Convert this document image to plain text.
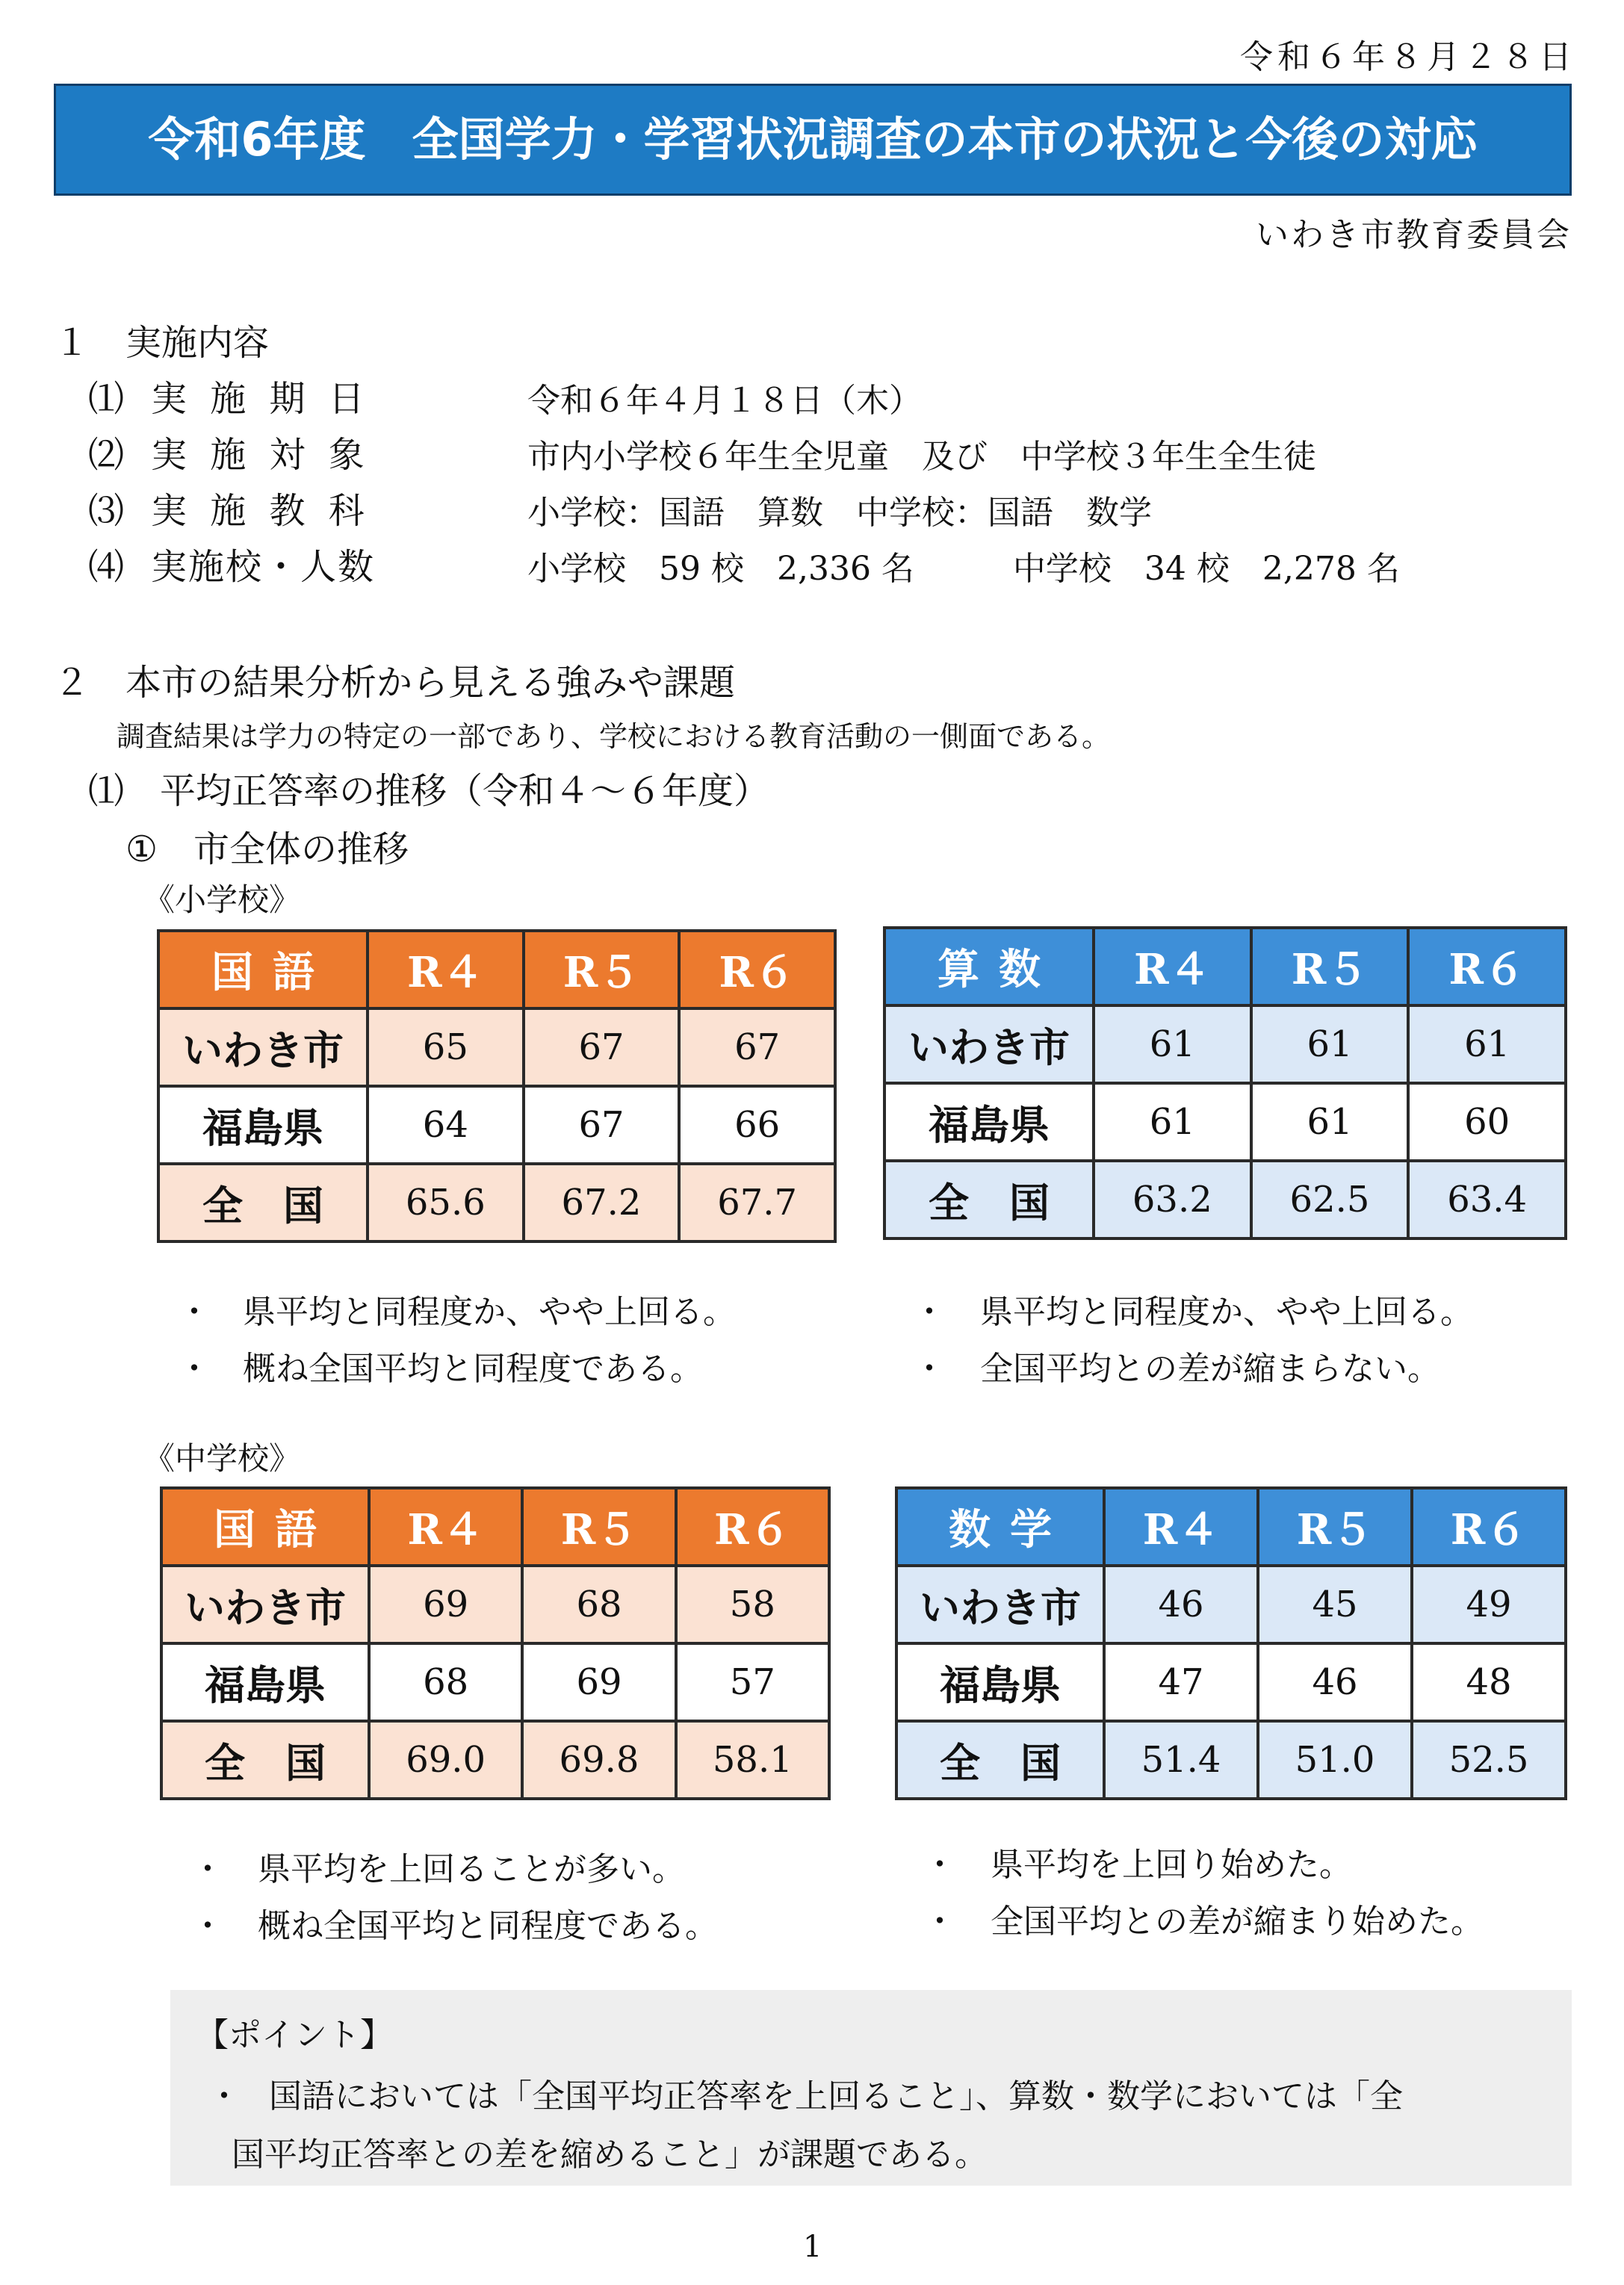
令和６年８月２８日
令和6年度　全国学力・学習状況調査の本市の状況と今後の対応
いわき市教育委員会
１　実施内容
⑴ 実 施 期 日	令和６年４月１８日（木）
⑵ 実 施 対 象	市内小学校６年生全児童　及び　中学校３年生全生徒
⑶ 実 施 教 科	小学校：国語　算数　中学校：国語　数学
⑷ 実施校・人数	小学校　59 校　2,336 名　　　中学校　34 校　2,278 名
２　本市の結果分析から見える強みや課題
調査結果は学力の特定の一部であり、学校における教育活動の一側面である。
⑴　平均正答率の推移（令和４～６年度）
①　市全体の推移
《小学校》
国語	R４	R５	R６
いわき市	65	67	67
福島県	64	67	66
全　国	65.6	67.2	67.7
算数	R４	R５	R６
いわき市	61	61	61
福島県	61	61	60
全　国	63.2	62.5	63.4
・ 県平均と同程度か、やや上回る。
・ 概ね全国平均と同程度である。
・ 県平均と同程度か、やや上回る。
・ 全国平均との差が縮まらない。
《中学校》
国語	R４	R５	R６
いわき市	69	68	58
福島県	68	69	57
全　国	69.0	69.8	58.1
数学	R４	R５	R６
いわき市	46	45	49
福島県	47	46	48
全　国	51.4	51.0	52.5
・ 県平均を上回ることが多い。
・ 概ね全国平均と同程度である。
・ 県平均を上回り始めた。
・ 全国平均との差が縮まり始めた。
【ポイント】
・ 国語においては「全国平均正答率を上回ること」、算数・数学においては「全
国平均正答率との差を縮めること」が課題である。
1
